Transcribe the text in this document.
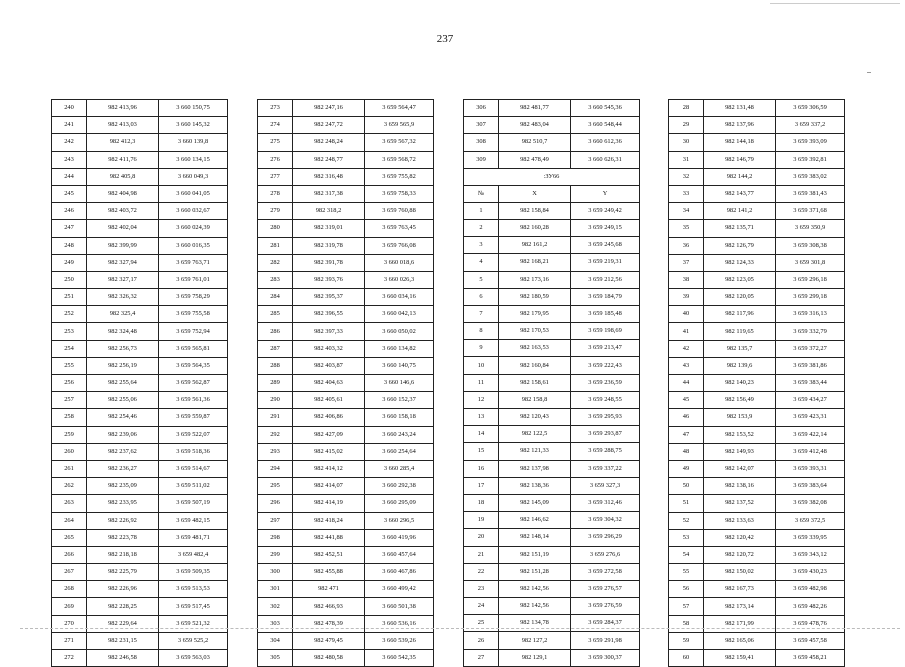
237
240	982 413,96	3 660 150,75
241	982 413,03	3 660 145,32
242	982 412,3	3 660 139,8
243	982 411,76	3 660 134,15
244	982 405,8	3 660 049,3
245	982 404,98	3 660 041,05
246	982 403,72	3 660 032,67
247	982 402,04	3 660 024,39
248	982 399,99	3 660 016,35
249	982 327,94	3 659 763,71
250	982 327,17	3 659 761,01
251	982 326,32	3 659 758,29
252	982 325,4	3 659 755,58
253	982 324,48	3 659 752,94
254	982 256,73	3 659 565,81
255	982 256,19	3 659 564,35
256	982 255,64	3 659 562,87
257	982 255,06	3 659 561,36
258	982 254,46	3 659 559,87
259	982 239,06	3 659 522,07
260	982 237,62	3 659 518,36
261	982 236,27	3 659 514,67
262	982 235,09	3 659 511,02
263	982 233,95	3 659 507,19
264	982 226,92	3 659 482,15
265	982 223,78	3 659 481,71
266	982 218,18	3 659 482,4
267	982 225,79	3 659 509,35
268	982 226,96	3 659 513,53
269	982 228,25	3 659 517,45
270	982 229,64	3 659 521,32
271	982 231,15	3 659 525,2
272	982 246,58	3 659 563,03
273	982 247,16	3 659 564,47
274	982 247,72	3 659 565,9
275	982 248,24	3 659 567,32
276	982 248,77	3 659 568,72
277	982 316,48	3 659 755,82
278	982 317,38	3 659 758,33
279	982 318,2	3 659 760,88
280	982 319,01	3 659 763,45
281	982 319,78	3 659 766,08
282	982 391,78	3 660 018,6
283	982 393,76	3 660 026,3
284	982 395,37	3 660 034,16
285	982 396,55	3 660 042,13
286	982 397,33	3 660 050,02
287	982 403,32	3 660 134,82
288	982 403,87	3 660 140,75
289	982 404,63	3 660 146,6
290	982 405,61	3 660 152,37
291	982 406,86	3 660 158,18
292	982 427,09	3 660 243,24
293	982 415,02	3 660 254,64
294	982 414,12	3 660 285,4
295	982 414,07	3 660 292,38
296	982 414,19	3 660 295,09
297	982 418,24	3 660 296,5
298	982 441,88	3 660 419,96
299	982 452,51	3 660 457,64
300	982 455,88	3 660 467,86
301	982 471	3 660 499,42
302	982 466,93	3 660 501,38
303	982 478,39	3 660 536,16
304	982 479,45	3 660 539,26
305	982 480,58	3 660 542,35
306	982 481,77	3 660 545,36
307	982 483,04	3 660 548,44
308	982 510,7	3 660 612,36
309	982 478,49	3 660 626,31
:ЗУ66		
№	X	Y
1	982 158,84	3 659 249,42
2	982 160,28	3 659 249,15
3	982 161,2	3 659 245,68
4	982 168,21	3 659 219,31
5	982 173,16	3 659 212,56
6	982 180,59	3 659 184,79
7	982 179,95	3 659 185,48
8	982 170,53	3 659 198,69
9	982 163,53	3 659 213,47
10	982 160,84	3 659 222,43
11	982 158,61	3 659 236,59
12	982 158,8	3 659 248,55
13	982 120,43	3 659 295,93
14	982 122,5	3 659 293,87
15	982 121,33	3 659 288,75
16	982 137,98	3 659 337,22
17	982 138,36	3 659 327,3
18	982 145,09	3 659 312,46
19	982 146,62	3 659 304,32
20	982 148,14	3 659 296,29
21	982 151,19	3 659 276,6
22	982 151,28	3 659 272,58
23	982 142,56	3 659 276,57
24	982 142,56	3 659 276,59
25	982 134,78	3 659 284,37
26	982 127,2	3 659 291,98
27	982 129,1	3 659 300,37
28	982 131,48	3 659 306,59
29	982 137,96	3 659 337,2
30	982 144,18	3 659 393,09
31	982 146,79	3 659 392,81
32	982 144,2	3 659 383,02
33	982 143,77	3 659 381,43
34	982 141,2	3 659 371,68
35	982 135,71	3 659 350,9
36	982 126,79	3 659 308,38
37	982 124,33	3 659 301,8
38	982 123,05	3 659 296,18
39	982 120,05	3 659 299,18
40	982 117,96	3 659 316,13
41	982 119,65	3 659 332,79
42	982 135,7	3 659 372,27
43	982 139,6	3 659 381,86
44	982 140,23	3 659 383,44
45	982 156,49	3 659 434,27
46	982 153,9	3 659 423,31
47	982 153,52	3 659 422,14
48	982 149,93	3 659 412,48
49	982 142,07	3 659 393,31
50	982 138,16	3 659 383,64
51	982 137,52	3 659 382,08
52	982 133,63	3 659 372,5
53	982 120,42	3 659 339,95
54	982 120,72	3 659 343,12
55	982 150,02	3 659 430,23
56	982 167,73	3 659 482,98
57	982 173,14	3 659 482,26
58	982 171,99	3 659 478,76
59	982 165,06	3 659 457,58
60	982 159,41	3 659 458,21
